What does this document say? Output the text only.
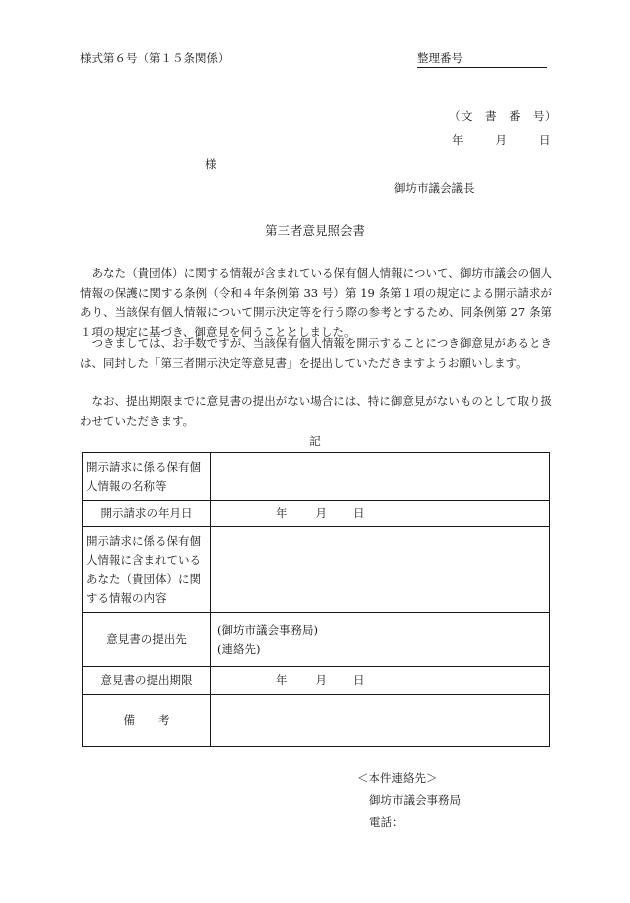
様式第６号（第１５条関係）	整理番号
（文　書　番　号）
年	月	日
様
御坊市議会議長
第三者意見照会書

あなた（貴団体）に関する情報が含まれている保有個人情報について、御坊市議会の個人情報の保護に関する条例（令和４年条例第 33 号）第 19 条第１項の規定による開示請求があり、当該保有個人情報について開示決定等を行う際の参考とするため、同条例第 27 条第１項の規定に基づき、御意見を伺うこととしました。

つきましては、お手数ですが、当該保有個人情報を開示することにつき御意見があるときは、同封した「第三者開示決定等意見書」を提出していただきますようお願いします。

なお、提出期限までに意見書の提出がない場合には、特に御意見がないものとして取り扱わせていただきます。

記
開示請求に係る保有個人情報の名称等	
開示請求の年月日	年 月 日
開示請求に係る保有個人情報に含まれているあなた（貴団体）に関する情報の内容	
意見書の提出先	(御坊市議会事務局)
(連絡先)

意見書の提出期限	年 月 日
備　　考	
＜本件連絡先＞
御坊市議会事務局
電話：
